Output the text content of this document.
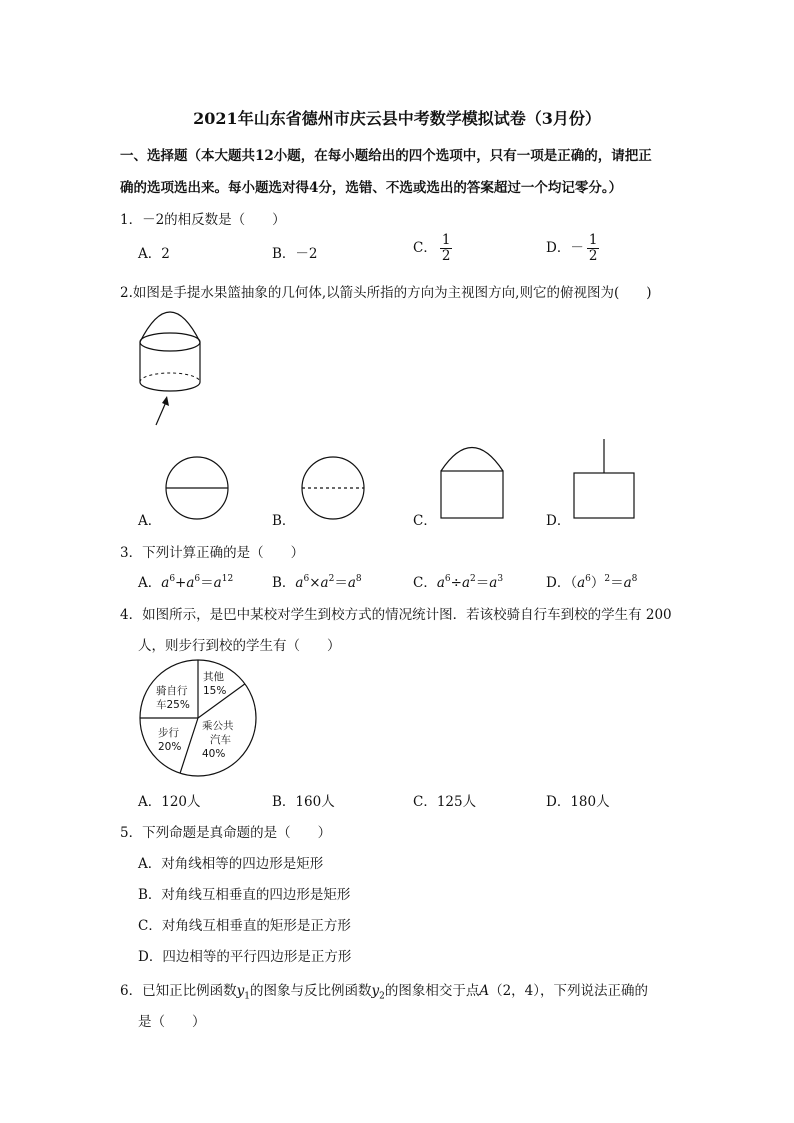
2021年山东省德州市庆云县中考数学模拟试卷（3月份）
一、选择题（本大题共12小题，在每小题给出的四个选项中，只有一项是正确的，请把正
确的选项选出来。每小题选对得4分，选错、不选或选出的答案超过一个均记零分。）
1．－2的相反数是（　　）
A．2	B．－2	C． $\frac{1}{2}$	D．－ $\frac{1}{2}$
2.如图是手提水果篮抽象的几何体,以箭头所指的方向为主视图方向,则它的俯视图为(　　)
A．	B．	C．	D．
3．下列计算正确的是（　　）
A．$a^6+a^6=a^{12}$	B．$a^6\times a^2=a^8$	C．$a^6\div a^2=a^3$	D．$(a^6)^2=a^8$
4．如图所示，是巴中某校对学生到校方式的情况统计图．若该校骑自行车到校的学生有 200
人，则步行到校的学生有（　　）
其他
15%
骑自行
车25%
步行
20%
乘公共
汽车
40%
A．120人	B．160人	C．125人	D．180人
5．下列命题是真命题的是（　　）
A．对角线相等的四边形是矩形
B．对角线互相垂直的四边形是矩形
C．对角线互相垂直的矩形是正方形
D．四边相等的平行四边形是正方形
6．已知正比例函数$y_1$的图象与反比例函数$y_2$的图象相交于点A（2，4），下列说法正确的
是（　　）
